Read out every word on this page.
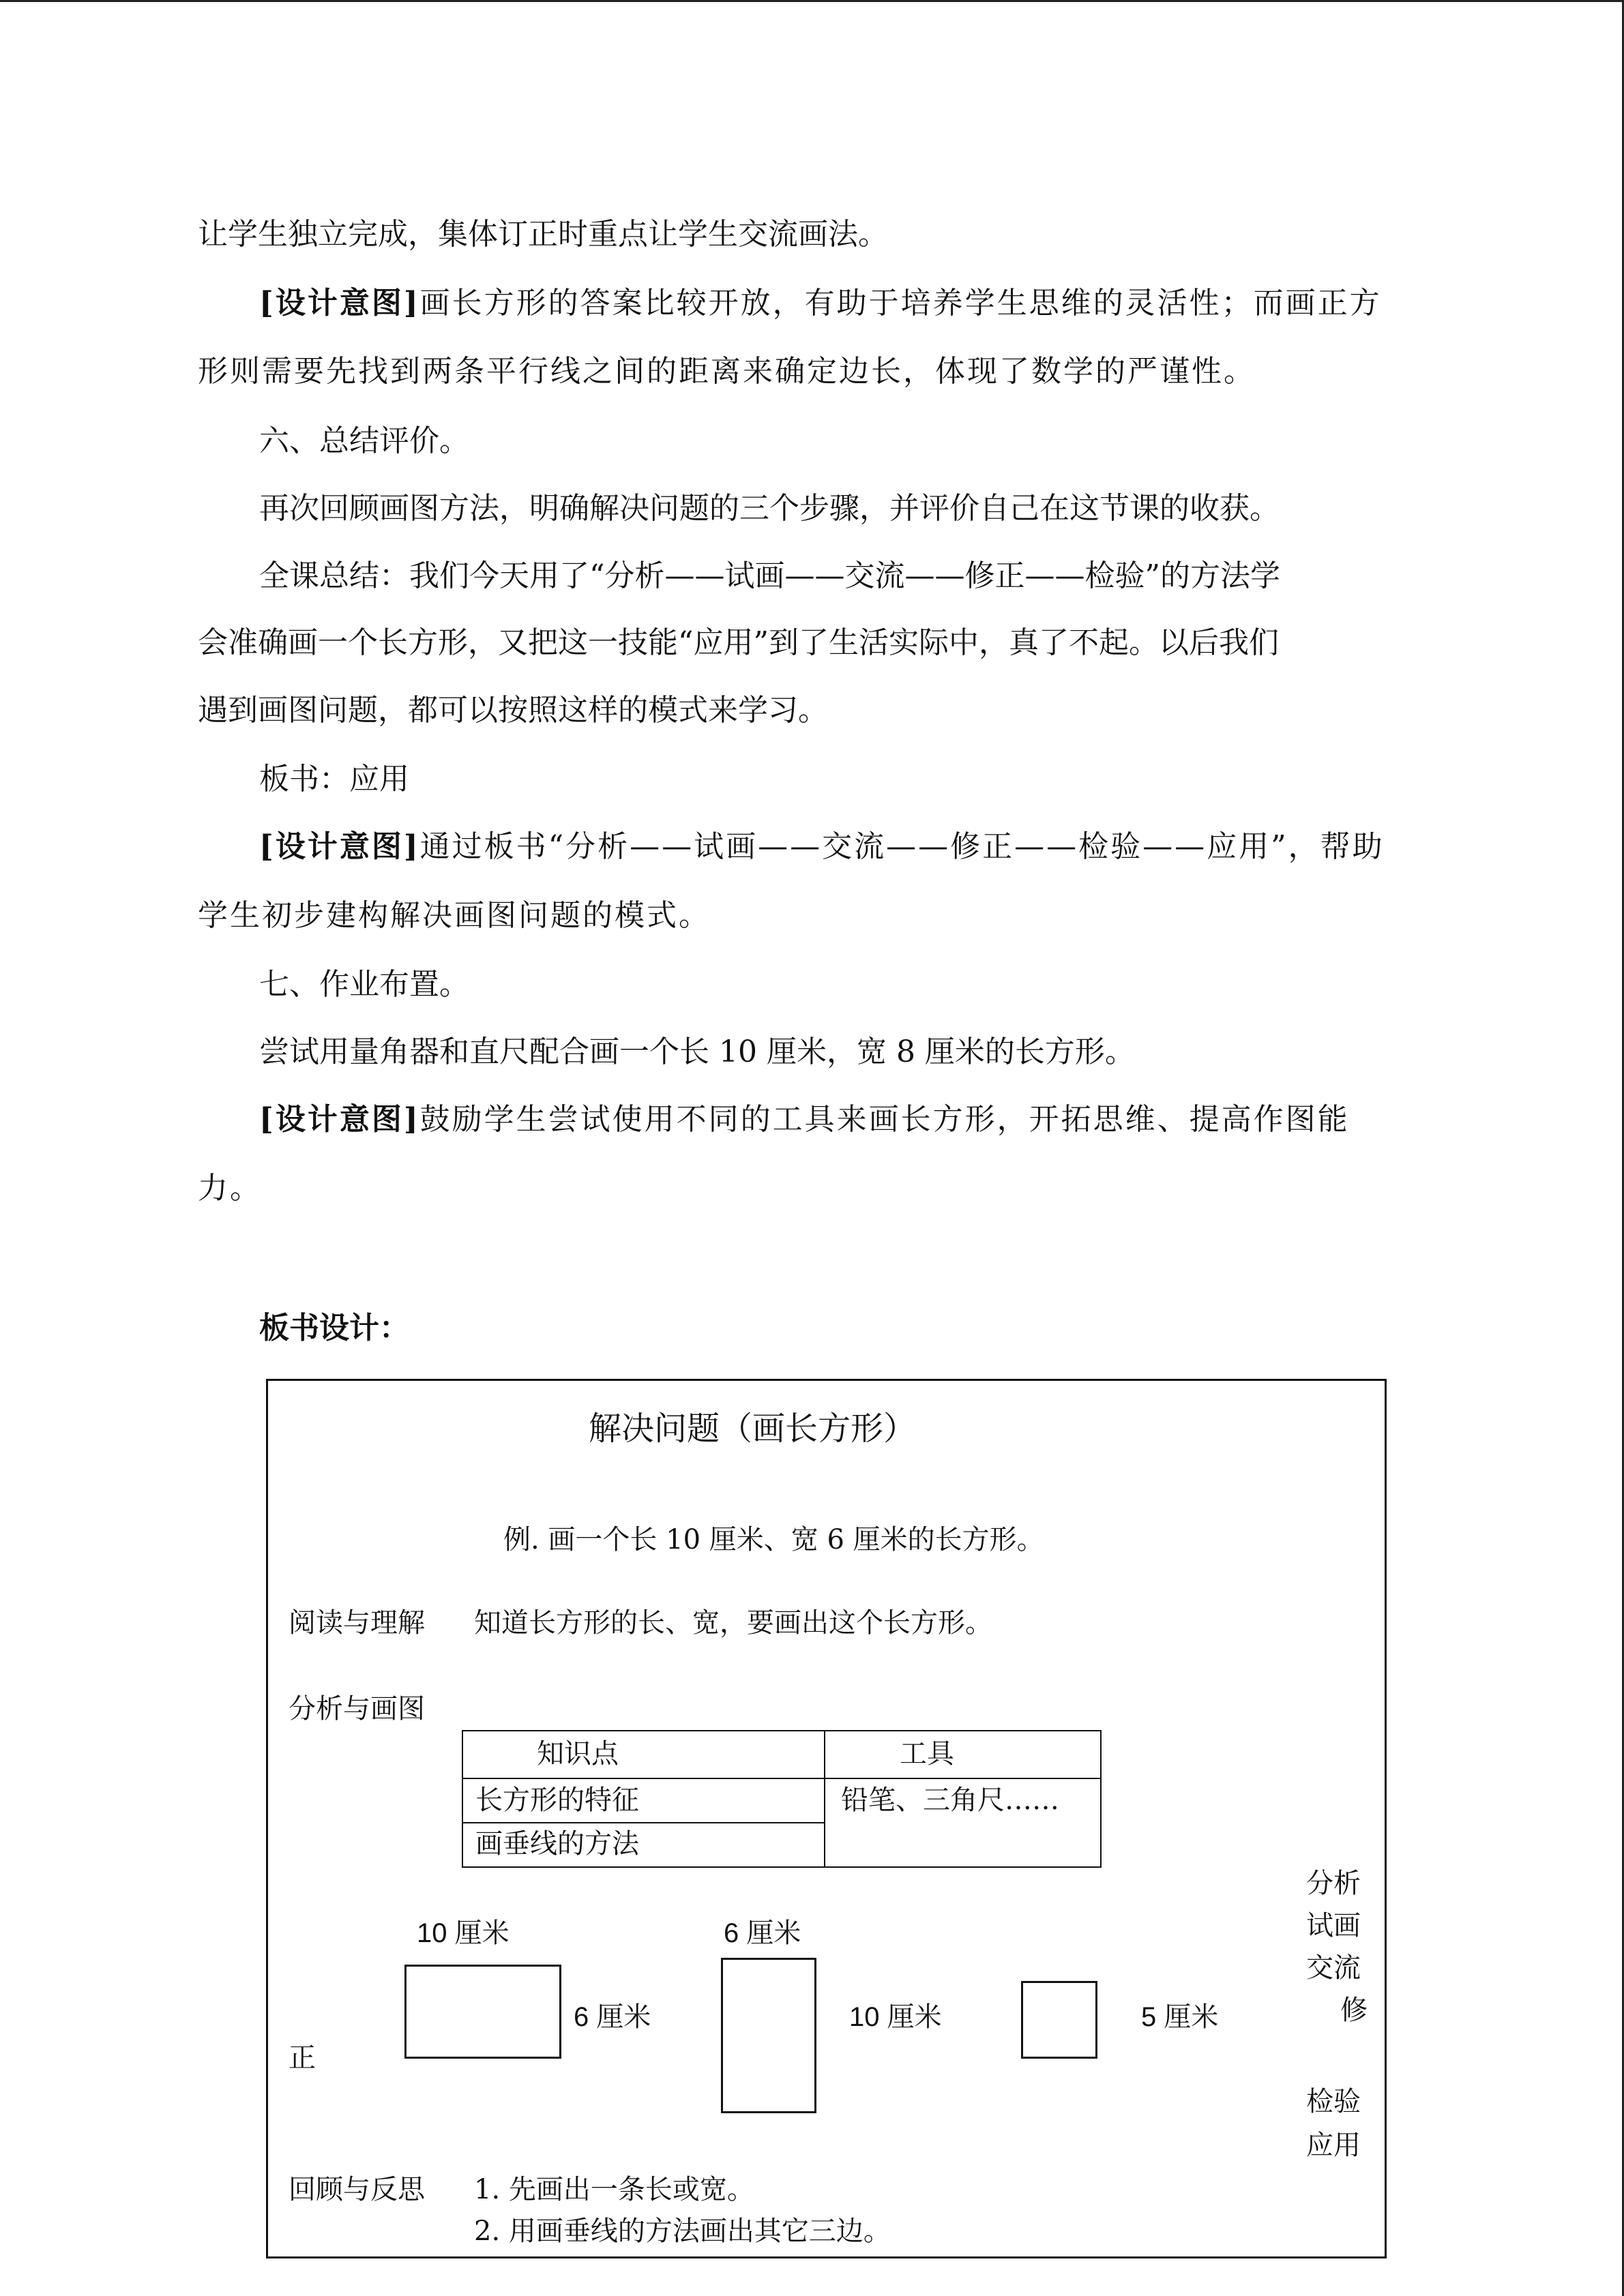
让学生独立完成，集体订正时重点让学生交流画法。
[设计意图]画长方形的答案比较开放，有助于培养学生思维的灵活性；而画正方
形则需要先找到两条平行线之间的距离来确定边长，体现了数学的严谨性。
六、总结评价。
再次回顾画图方法，明确解决问题的三个步骤，并评价自己在这节课的收获。
全课总结：我们今天用了“分析——试画——交流——修正——检验”的方法学
会准确画一个长方形，又把这一技能“应用”到了生活实际中，真了不起。以后我们
遇到画图问题，都可以按照这样的模式来学习。
板书：应用
[设计意图]通过板书“分析——试画——交流——修正——检验——应用”，帮助
学生初步建构解决画图问题的模式。
七、作业布置。
尝试用量角器和直尺配合画一个长 10 厘米，宽 8 厘米的长方形。
[设计意图]鼓励学生尝试使用不同的工具来画长方形，开拓思维、提高作图能
力。
板书设计：
解决问题（画长方形）
例. 画一个长 10 厘米、宽 6 厘米的长方形。
阅读与理解 知道长方形的长、宽，要画出这个长方形。
分析与画图
知识点	工具
长方形的特征
画垂线的方法
铅笔、三角尺……
10 厘米
6 厘米
6 厘米
10 厘米	5 厘米
分析
试画
交流
修
正
检验
应用
回顾与反思 1. 先画出一条长或宽。
2. 用画垂线的方法画出其它三边。
